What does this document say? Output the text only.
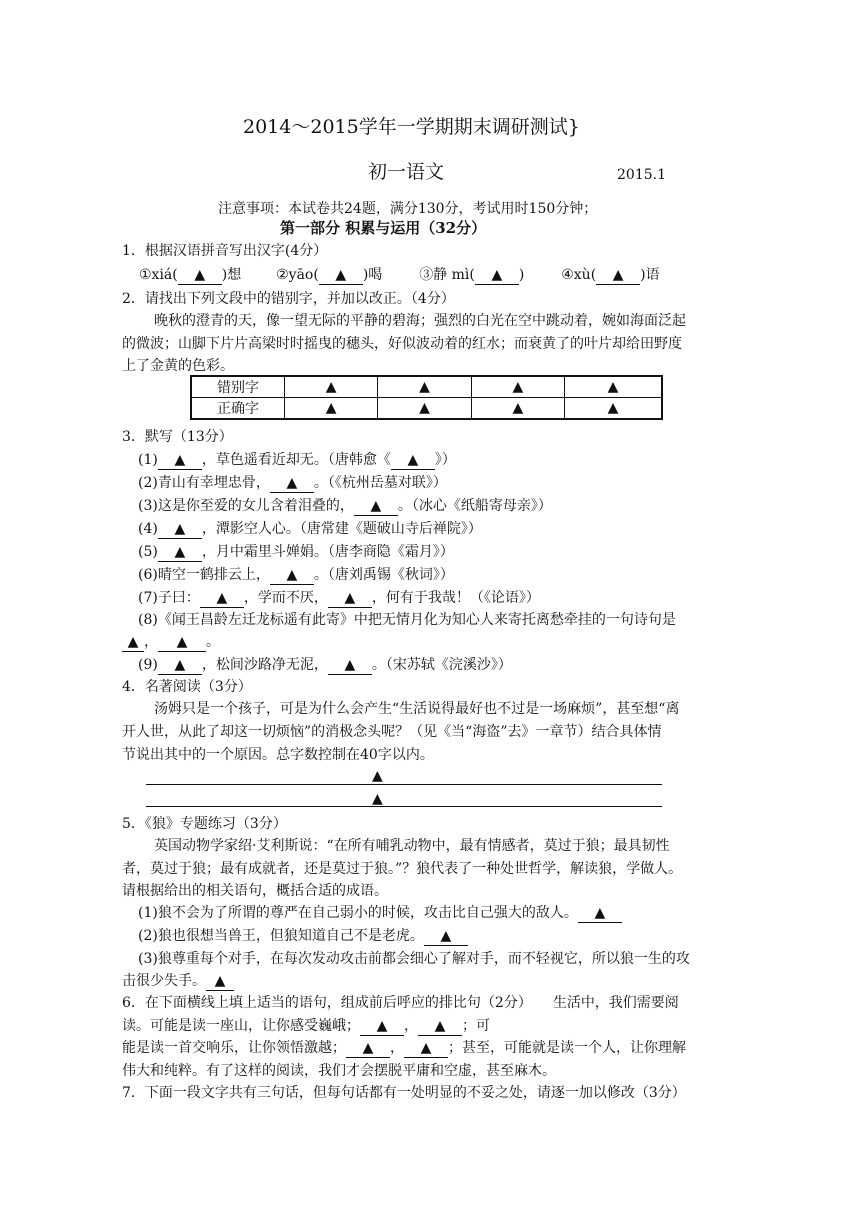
2014～2015学年一学期期末调研测试}
初一语文	2015.1
注意事项：本试卷共24题，满分130分，考试用时150分钟；
第一部分 积累与运用（32分）
1．根据汉语拼音写出汉字(4分）
①xiá( ▲ )想 ②yāo( ▲ )喝	③静 mì( ▲ )	④xù( ▲ )语
2．请找出下列文段中的错别字，并加以改正。（4分）
晚秋的澄青的天，像一望无际的平静的碧海；强烈的白光在空中跳动着，婉如海面泛起
的微波；山脚下片片高梁时时摇曳的穗头，好似波动着的红水；而衰黄了的叶片却给田野度
上了金黄的色彩。
错别字	▲	▲	▲	▲
正确字	▲	▲	▲	▲
3．默写（13分）
(1) ▲ ，草色遥看近却无。（唐韩愈《 ▲ 》）
(2)青山有幸埋忠骨， ▲ 。（《杭州岳墓对联》）
(3)这是你至爱的女儿含着泪叠的， ▲ 。（冰心《纸船寄母亲》）
(4) ▲ ，潭影空人心。（唐常建《题破山寺后禅院》）
(5) ▲ ，月中霜里斗婵娟。（唐李商隐《霜月》）
(6)晴空一鹤排云上， ▲ 。（唐刘禹锡《秋词》）
(7)子曰： ▲ ，学而不厌， ▲ ，何有于我哉！（《论语》）
(8)《闻王昌龄左迁龙标遥有此寄》中把无情月化为知心人来寄托离愁牵挂的一句诗句是
▲ ， ▲ 。
(9) ▲ ，松间沙路净无泥， ▲ 。（宋苏轼《浣溪沙》）
4．名著阅读（3分）
汤姆只是一个孩子，可是为什么会产生“生活说得最好也不过是一场麻烦”，甚至想“离
开人世，从此了却这一切烦恼”的消极念头呢？（见《当“海盗”去》一章节）结合具体情
节说出其中的一个原因。总字数控制在40字以内。
▲
▲
5．《狼》专题练习（3分）
英国动物学家绍·艾利斯说：“在所有哺乳动物中，最有情感者，莫过于狼；最具韧性
者，莫过于狼；最有成就者，还是莫过于狼。”？狼代表了一种处世哲学，解读狼，学做人。
请根据给出的相关语句，概括合适的成语。
(1)狼不会为了所谓的尊严在自己弱小的时候，攻击比自己强大的敌人。 ▲
(2)狼也很想当兽王，但狼知道自己不是老虎。 ▲
(3)狼尊重每个对手，在每次发动攻击前都会细心了解对手，而不轻视它，所以狼一生的攻
击很少失手。 ▲
6．在下面横线上填上适当的语句，组成前后呼应的排比句（2分）　　生活中，我们需要阅
读。可能是读一座山，让你感受巍峨； ▲ ， ▲ ；可
能是读一首交响乐，让你领悟激越； ▲ ， ▲ ；甚至，可能就是读一个人，让你理解
伟大和纯粹。有了这样的阅读，我们才会摆脱平庸和空虚，甚至麻木。
7．下面一段文字共有三句话，但每句话都有一处明显的不妥之处，请逐一加以修改（3分）
